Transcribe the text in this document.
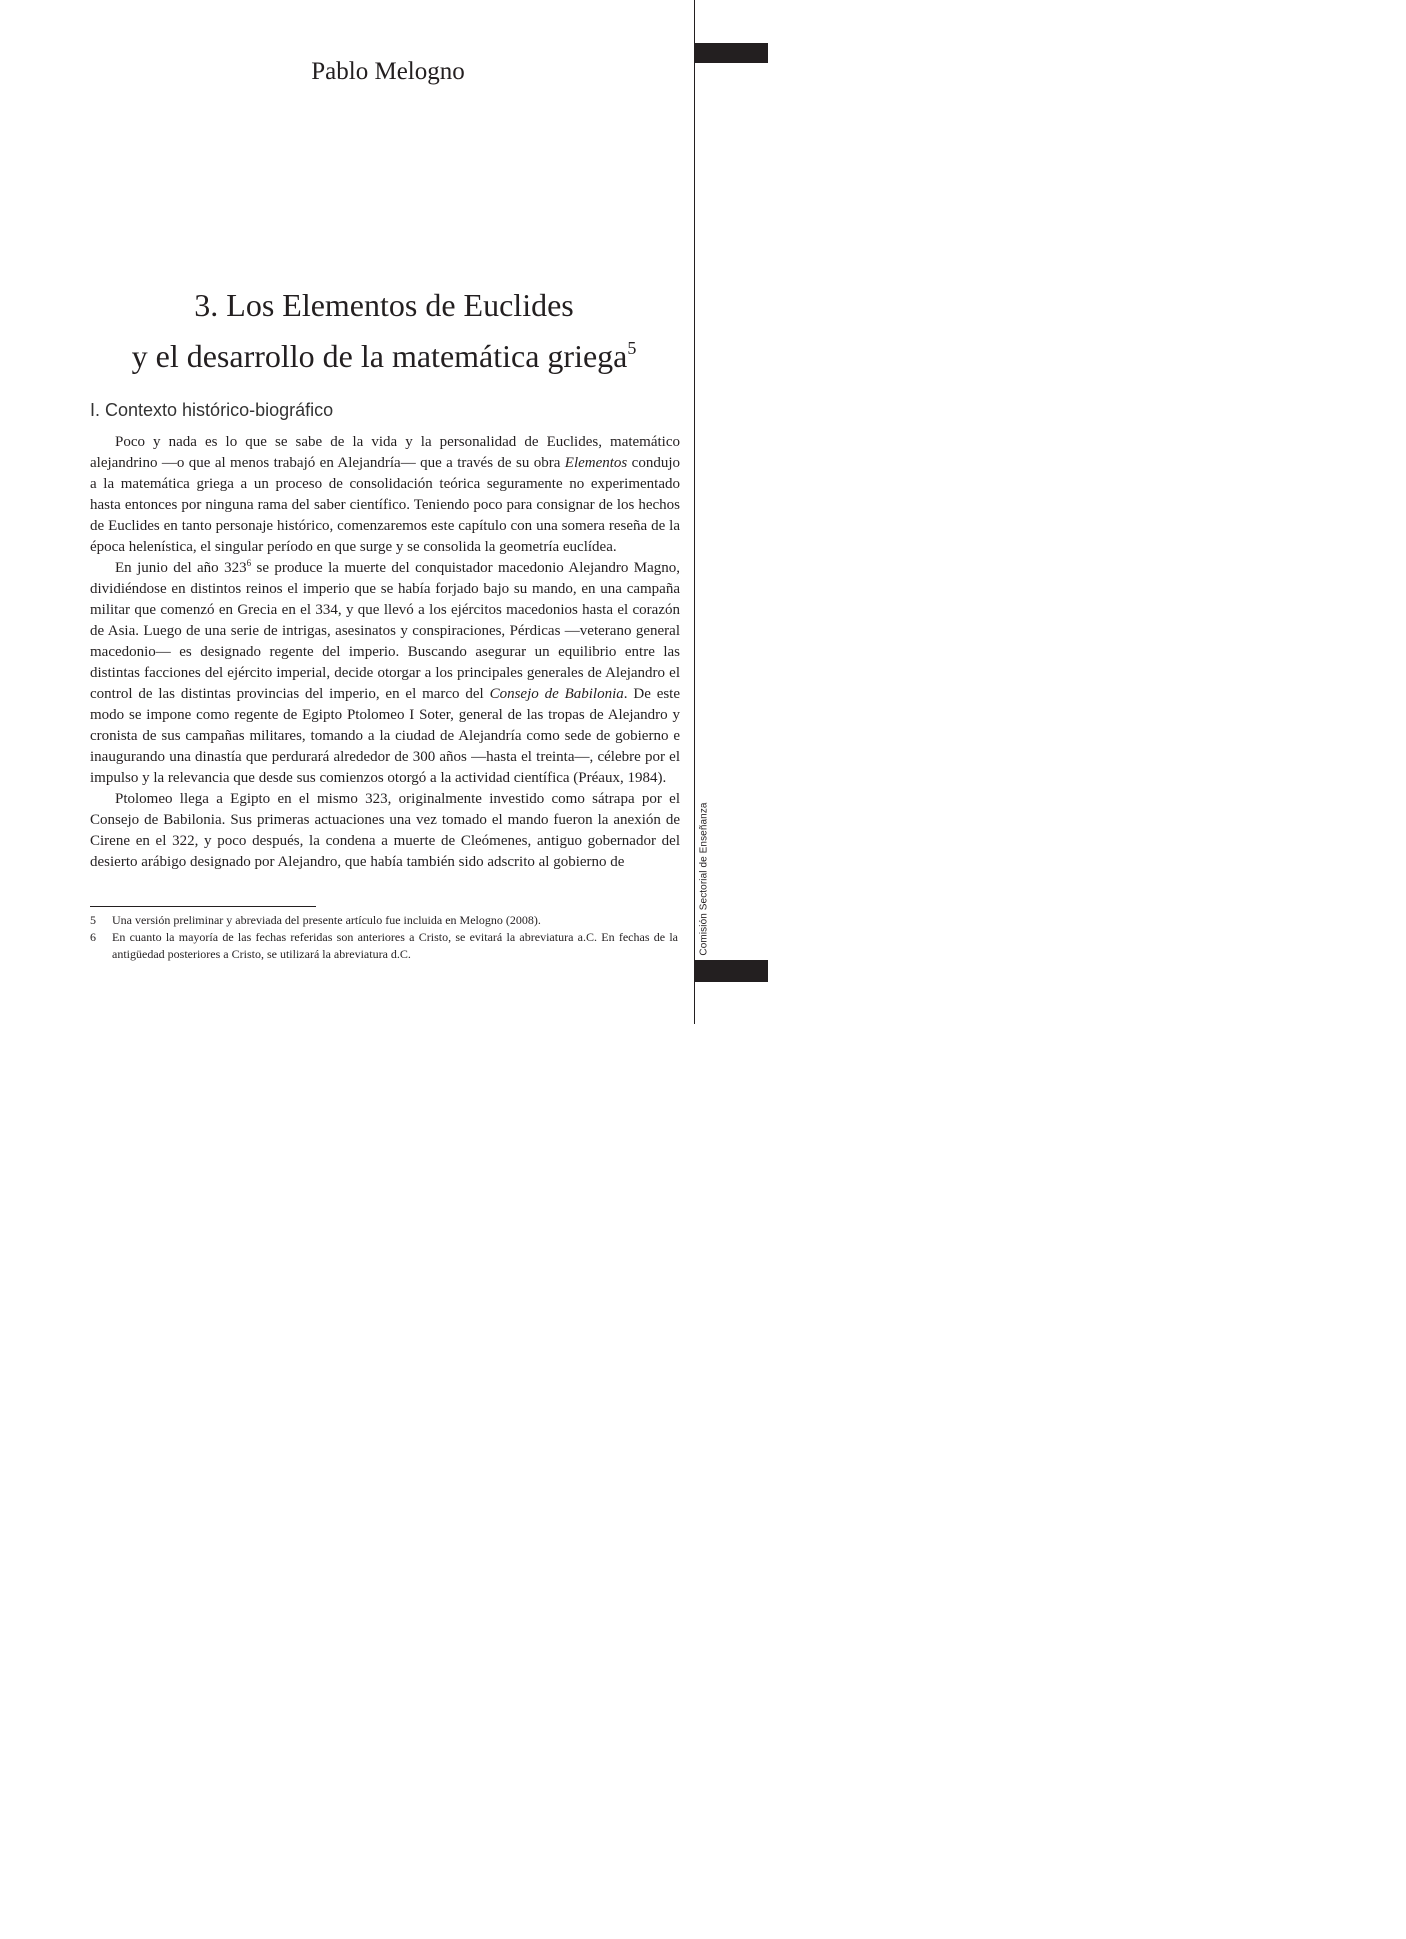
61
Comisión Sectorial de Enseñanza
Pablo Melogno
3. Los Elementos de Euclides
y el desarrollo de la matemática griega$^5$
I. Contexto histórico-biográfico

Poco y nada es lo que se sabe de la vida y la personalidad de Euclides, matemático alejandrino —o que al menos trabajó en Alejandría— que a través de su obra Elementos condujo a la matemática griega a un proceso de consolidación teórica seguramente no experimentado hasta entonces por ninguna rama del saber científico. Teniendo poco para consignar de los hechos de Euclides en tanto personaje histórico, comenzaremos este capítulo con una somera reseña de la época helenística, el singular período en que surge y se consolida la geometría euclídea.

En junio del año $323^6$ se produce la muerte del conquistador macedonio Alejandro Magno, dividiéndose en distintos reinos el imperio que se había forjado bajo su mando, en una campaña militar que comenzó en Grecia en el 334, y que llevó a los ejércitos macedonios hasta el corazón de Asia. Luego de una serie de intrigas, asesinatos y conspiraciones, Pérdicas —veterano general macedonio— es designado regente del imperio. Buscando asegurar un equilibrio entre las distintas facciones del ejército imperial, decide otorgar a los principales generales de Alejandro el control de las distintas provincias del imperio, en el marco del Consejo de Babilonia. De este modo se impone como regente de Egipto Ptolomeo I Soter, general de las tropas de Alejandro y cronista de sus campañas militares, tomando a la ciudad de Alejandría como sede de gobierno e inaugurando una dinastía que perdurará alrededor de 300 años —hasta el treinta—, célebre por el impulso y la relevancia que desde sus comienzos otorgó a la actividad científica (Préaux, 1984).

Ptolomeo llega a Egipto en el mismo 323, originalmente investido como sátrapa por el Consejo de Babilonia. Sus primeras actuaciones una vez tomado el mando fueron la anexión de Cirene en el 322, y poco después, la condena a muerte de Cleómenes, antiguo gobernador del desierto arábigo designado por Alejandro, que había también sido adscrito al gobierno de

5	Una versión preliminar y abreviada del presente artículo fue incluida en Melogno (2008).
6	En cuanto la mayoría de las fechas referidas son anteriores a Cristo, se evitará la abreviatura a.C. En fechas de la antigüedad posteriores a Cristo, se utilizará la abreviatura d.C.
